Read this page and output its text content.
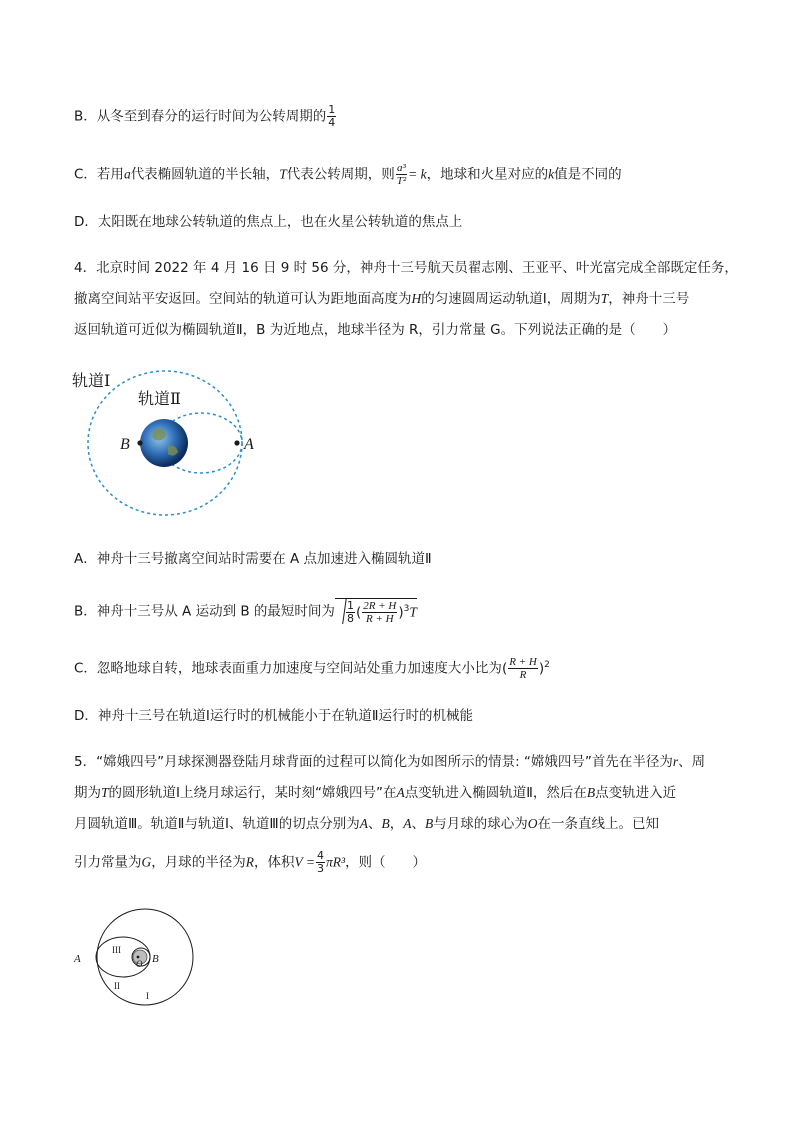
B．从冬至到春分的运行时间为公转周期的 $\frac{1}{4}$
C．若用a代表椭圆轨道的半长轴，T代表公转周期，则 $\frac{\text{a³}}{\text{T²}} = k$，地球和火星对应的k值是不同的
D．太阳既在地球公转轨道的焦点上，也在火星公转轨道的焦点上
4．北京时间 2022 年 4 月 16 日 9 时 56 分，神舟十三号航天员翟志刚、王亚平、叶光富完成全部既定任务，
撤离空间站平安返回。空间站的轨道可认为距地面高度为H的匀速圆周运动轨道Ⅰ，周期为T，神舟十三号
返回轨道可近似为椭圆轨道Ⅱ，B 为近地点，地球半径为 R，引力常量 G。下列说法正确的是（　　）
轨道Ⅰ
轨道Ⅱ
B	A
A．神舟十三号撤离空间站时需要在 A 点加速进入椭圆轨道Ⅱ
B．神舟十三号从 A 运动到 B 的最短时间为 $\frac{1}{8}$ ( $\frac{2R + H}{R + H} )^3T$
C．忽略地球自转，地球表面重力加速度与空间站处重力加速度大小比为( $\frac{R + H}{R} )^2$
D．神舟十三号在轨道Ⅰ运行时的机械能小于在轨道Ⅱ运行时的机械能
5．“嫦娥四号”月球探测器登陆月球背面的过程可以简化为如图所示的情景: “嫦娥四号”首先在半径为r、周
期为T的圆形轨道Ⅰ上绕月球运行，某时刻“嫦娥四号”在A点变轨进入椭圆轨道Ⅱ，然后在B点变轨进入近
月圆轨道Ⅲ。轨道Ⅱ与轨道Ⅰ、轨道Ⅲ的切点分别为A、B，A、B与月球的球心为O在一条直线上。已知
引力常量为G，月球的半径为R，体积$V = \frac{4}{3} \pi R^3$，则（　　）
A	B
O
III
II
I
